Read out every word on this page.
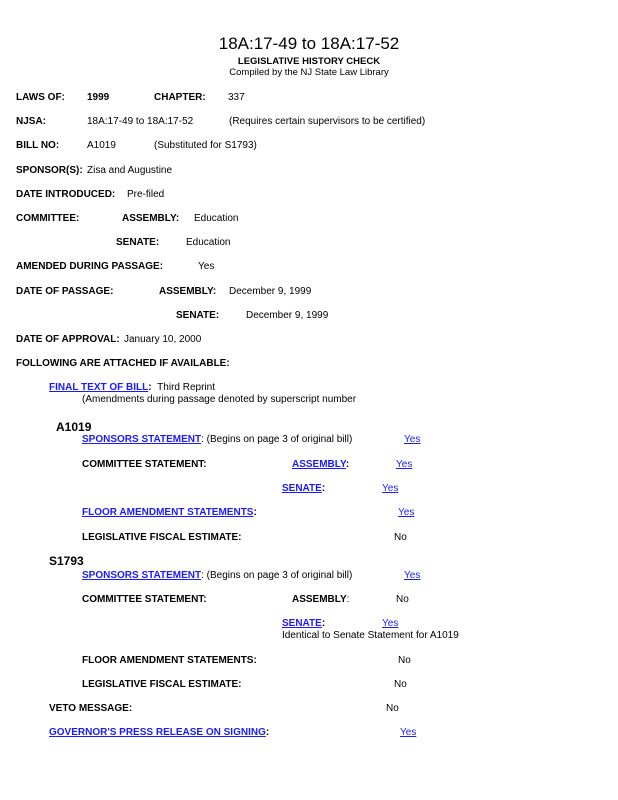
18A:17-49 to 18A:17-52
LEGISLATIVE HISTORY CHECK
Compiled by the NJ State Law Library
LAWS OF: 1999	CHAPTER: 337
NJSA:	18A:17-49 to 18A:17-52	(Requires certain supervisors to be certified)
BILL NO:	A1019	(Substituted for S1793)
SPONSOR(S): Zisa and Augustine
DATE INTRODUCED: Pre-filed
COMMITTEE:	ASSEMBLY: Education
SENATE:	Education
AMENDED DURING PASSAGE:	Yes
DATE OF PASSAGE:	ASSEMBLY: December 9, 1999
SENATE:	December 9, 1999
DATE OF APPROVAL: January 10, 2000
FOLLOWING ARE ATTACHED IF AVAILABLE:
FINAL TEXT OF BILL: Third Reprint
(Amendments during passage denoted by superscript number
A1019
SPONSORS STATEMENT: (Begins on page 3 of original bill)	Yes
COMMITTEE STATEMENT:	ASSEMBLY:	Yes
SENATE:	Yes
FLOOR AMENDMENT STATEMENTS:	Yes
LEGISLATIVE FISCAL ESTIMATE:	No
S1793
SPONSORS STATEMENT: (Begins on page 3 of original bill)	Yes
COMMITTEE STATEMENT:	ASSEMBLY:	No
SENATE:	Yes
Identical to Senate Statement for A1019
FLOOR AMENDMENT STATEMENTS:	No
LEGISLATIVE FISCAL ESTIMATE:	No
VETO MESSAGE:	No
GOVERNOR'S PRESS RELEASE ON SIGNING:	Yes
